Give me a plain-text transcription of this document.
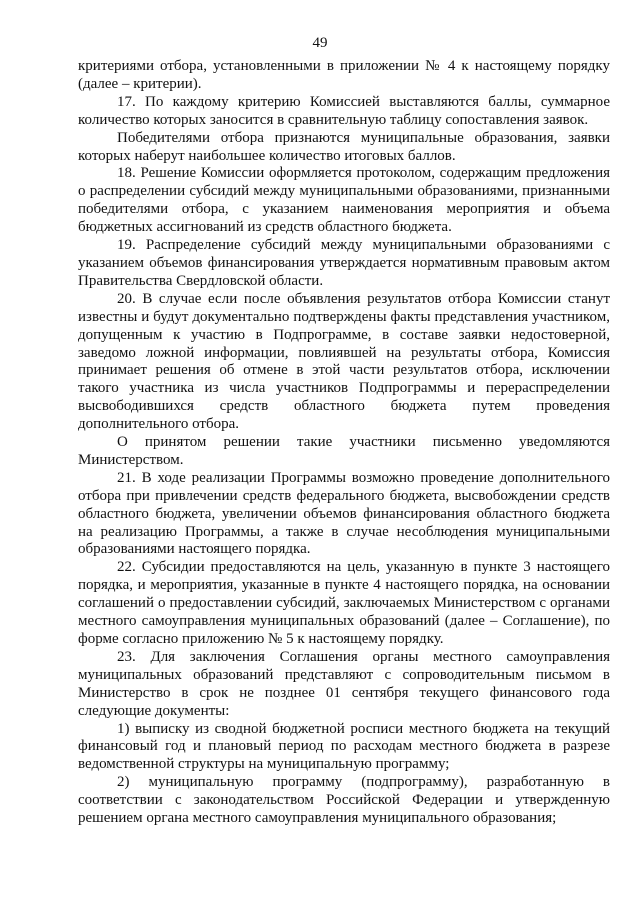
49

критериями отбора, установленными в приложении № 4 к настоящему порядку (далее – критерии).

17. По каждому критерию Комиссией выставляются баллы, суммарное количество которых заносится в сравнительную таблицу сопоставления заявок.

Победителями отбора признаются муниципальные образования, заявки которых наберут наибольшее количество итоговых баллов.

18. Решение Комиссии оформляется протоколом, содержащим предложения о распределении субсидий между муниципальными образованиями, признанными победителями отбора, с указанием наименования мероприятия и объема бюджетных ассигнований из средств областного бюджета.

19. Распределение субсидий между муниципальными образованиями с указанием объемов финансирования утверждается нормативным правовым актом Правительства Свердловской области.

20. В случае если после объявления результатов отбора Комиссии станут известны и будут документально подтверждены факты представления участником, допущенным к участию в Подпрограмме, в составе заявки недостоверной, заведомо ложной информации, повлиявшей на результаты отбора, Комиссия принимает решения об отмене в этой части результатов отбора, исключении такого участника из числа участников Подпрограммы и перераспределении высвободившихся средств областного бюджета путем проведения дополнительного отбора.

О принятом решении такие участники письменно уведомляются Министерством.

21. В ходе реализации Программы возможно проведение дополнительного отбора при привлечении средств федерального бюджета, высвобождении средств областного бюджета, увеличении объемов финансирования областного бюджета на реализацию Программы, а также в случае несоблюдения муниципальными образованиями настоящего порядка.

22. Субсидии предоставляются на цель, указанную в пункте 3 настоящего порядка, и мероприятия, указанные в пункте 4 настоящего порядка, на основании соглашений о предоставлении субсидий, заключаемых Министерством с органами местного самоуправления муниципальных образований (далее – Соглашение), по форме согласно приложению № 5 к настоящему порядку.

23. Для заключения Соглашения органы местного самоуправления муниципальных образований представляют с сопроводительным письмом в Министерство в срок не позднее 01 сентября текущего финансового года следующие документы:

1) выписку из сводной бюджетной росписи местного бюджета на текущий финансовый год и плановый период по расходам местного бюджета в разрезе ведомственной структуры на муниципальную программу;

2) муниципальную программу (подпрограмму), разработанную в соответствии с законодательством Российской Федерации и утвержденную решением органа местного самоуправления муниципального образования;
